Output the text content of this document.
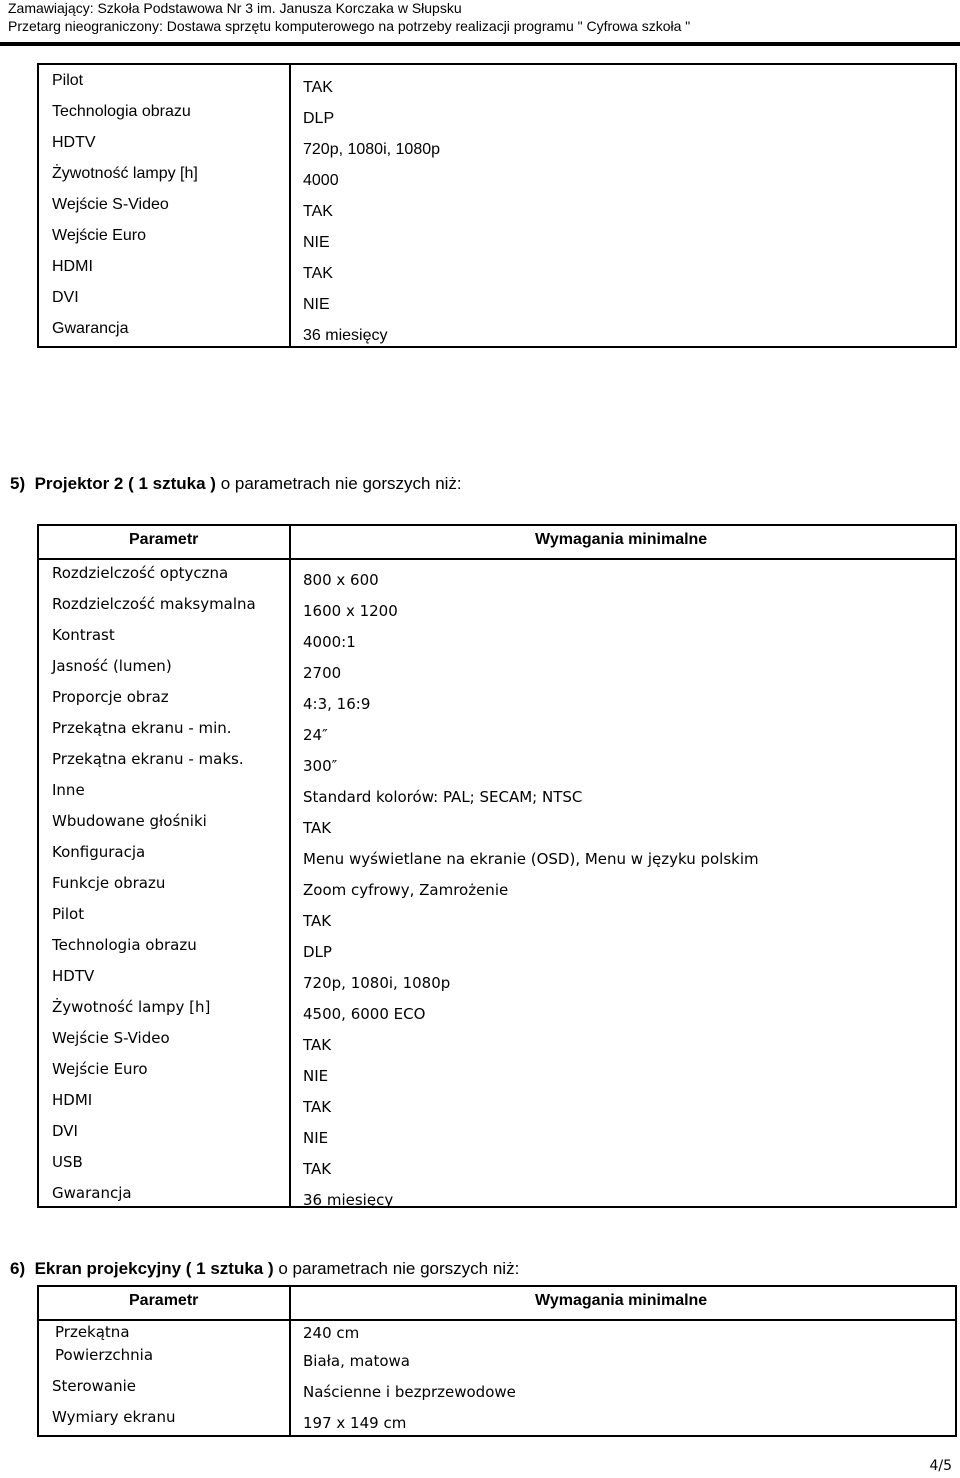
Zamawiający: Szkoła Podstawowa Nr 3 im. Janusza Korczaka w Słupsku
Przetarg nieograniczony: Dostawa sprzętu komputerowego na potrzeby realizacji programu " Cyfrowa szkoła "
Pilot	TAK
Technologia obrazu	DLP
HDTV	720p, 1080i, 1080p
Żywotność lampy [h]	4000
Wejście S-Video	TAK
Wejście Euro	NIE
HDMI	TAK
DVI	NIE
Gwarancja	36 miesięcy
5) Projektor 2 ( 1 sztuka ) o parametrach nie gorszych niż:
Parametr	Wymagania minimalne
Rozdzielczość optyczna	800 x 600
Rozdzielczość maksymalna	1600 x 1200
Kontrast	4000:1
Jasność (lumen)	2700
Proporcje obraz	4:3, 16:9
Przekątna ekranu - min.	24″
Przekątna ekranu - maks.	300″
Inne	Standard kolorów: PAL; SECAM; NTSC
Wbudowane głośniki	TAK
Konfiguracja	Menu wyświetlane na ekranie (OSD), Menu w języku polskim
Funkcje obrazu	Zoom cyfrowy, Zamrożenie
Pilot	TAK
Technologia obrazu	DLP
HDTV	720p, 1080i, 1080p
Żywotność lampy [h]	4500, 6000 ECO
Wejście S-Video	TAK
Wejście Euro	NIE
HDMI	TAK
DVI	NIE
USB	TAK
Gwarancja	36 miesięcy
6) Ekran projekcyjny ( 1 sztuka ) o parametrach nie gorszych niż:
Parametr	Wymagania minimalne
Przekątna	240 cm
Powierzchnia	Biała, matowa
Sterowanie	Naścienne i bezprzewodowe
Wymiary ekranu	197 x 149 cm
4/5
